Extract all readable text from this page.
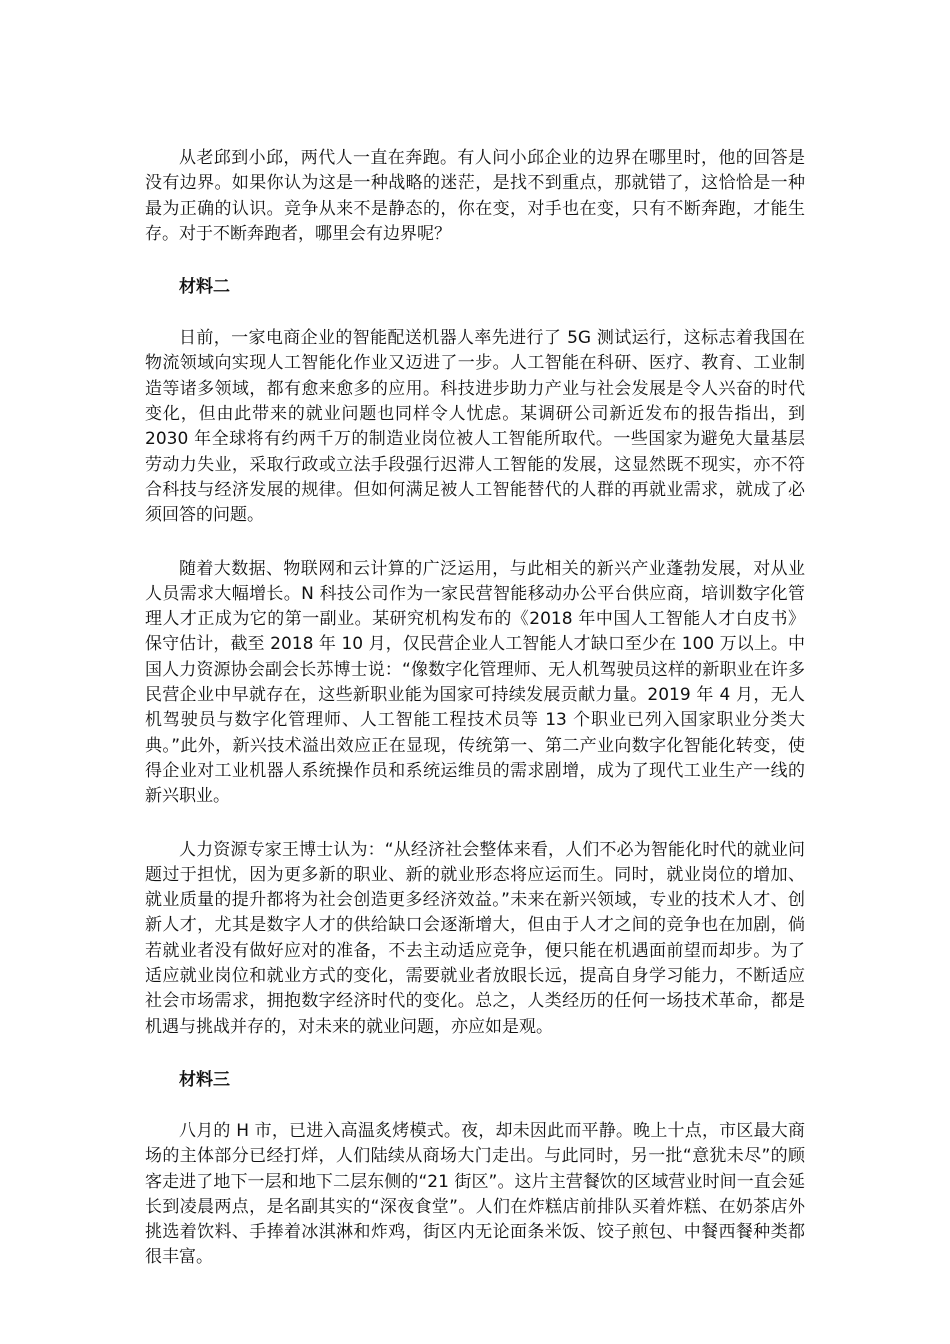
从老邱到小邱，两代人一直在奔跑。有人问小邱企业的边界在哪里时，他的回答是没有边界。如果你认为这是一种战略的迷茫，是找不到重点，那就错了，这恰恰是一种最为正确的认识。竞争从来不是静态的，你在变，对手也在变，只有不断奔跑，才能生存。对于不断奔跑者，哪里会有边界呢？

材料二

日前，一家电商企业的智能配送机器人率先进行了 5G 测试运行，这标志着我国在物流领域向实现人工智能化作业又迈进了一步。人工智能在科研、医疗、教育、工业制造等诸多领域，都有愈来愈多的应用。科技进步助力产业与社会发展是令人兴奋的时代变化，但由此带来的就业问题也同样令人忧虑。某调研公司新近发布的报告指出，到 2030 年全球将有约两千万的制造业岗位被人工智能所取代。一些国家为避免大量基层劳动力失业，采取行政或立法手段强行迟滞人工智能的发展，这显然既不现实，亦不符合科技与经济发展的规律。但如何满足被人工智能替代的人群的再就业需求，就成了必须回答的问题。

随着大数据、物联网和云计算的广泛运用，与此相关的新兴产业蓬勃发展，对从业人员需求大幅增长。N 科技公司作为一家民营智能移动办公平台供应商，培训数字化管理人才正成为它的第一副业。某研究机构发布的《2018 年中国人工智能人才白皮书》保守估计，截至 2018 年 10 月，仅民营企业人工智能人才缺口至少在 100 万以上。中国人力资源协会副会长苏博士说：“像数字化管理师、无人机驾驶员这样的新职业在许多民营企业中早就存在，这些新职业能为国家可持续发展贡献力量。2019 年 4 月，无人机驾驶员与数字化管理师、人工智能工程技术员等 13 个职业已列入国家职业分类大典。”此外，新兴技术溢出效应正在显现，传统第一、第二产业向数字化智能化转变，使得企业对工业机器人系统操作员和系统运维员的需求剧增，成为了现代工业生产一线的新兴职业。

人力资源专家王博士认为：“从经济社会整体来看，人们不必为智能化时代的就业问题过于担忧，因为更多新的职业、新的就业形态将应运而生。同时，就业岗位的增加、就业质量的提升都将为社会创造更多经济效益。”未来在新兴领域，专业的技术人才、创新人才，尤其是数字人才的供给缺口会逐渐增大，但由于人才之间的竞争也在加剧，倘若就业者没有做好应对的准备，不去主动适应竞争，便只能在机遇面前望而却步。为了适应就业岗位和就业方式的变化，需要就业者放眼长远，提高自身学习能力，不断适应社会市场需求，拥抱数字经济时代的变化。总之，人类经历的任何一场技术革命，都是机遇与挑战并存的，对未来的就业问题，亦应如是观。

材料三

八月的 H 市，已进入高温炙烤模式。夜，却未因此而平静。晚上十点，市区最大商场的主体部分已经打烊，人们陆续从商场大门走出。与此同时，另一批“意犹未尽”的顾客走进了地下一层和地下二层东侧的“21 街区”。这片主营餐饮的区域营业时间一直会延长到凌晨两点，是名副其实的“深夜食堂”。人们在炸糕店前排队买着炸糕、在奶茶店外挑选着饮料、手捧着冰淇淋和炸鸡，街区内无论面条米饭、饺子煎包、中餐西餐种类都很丰富。
